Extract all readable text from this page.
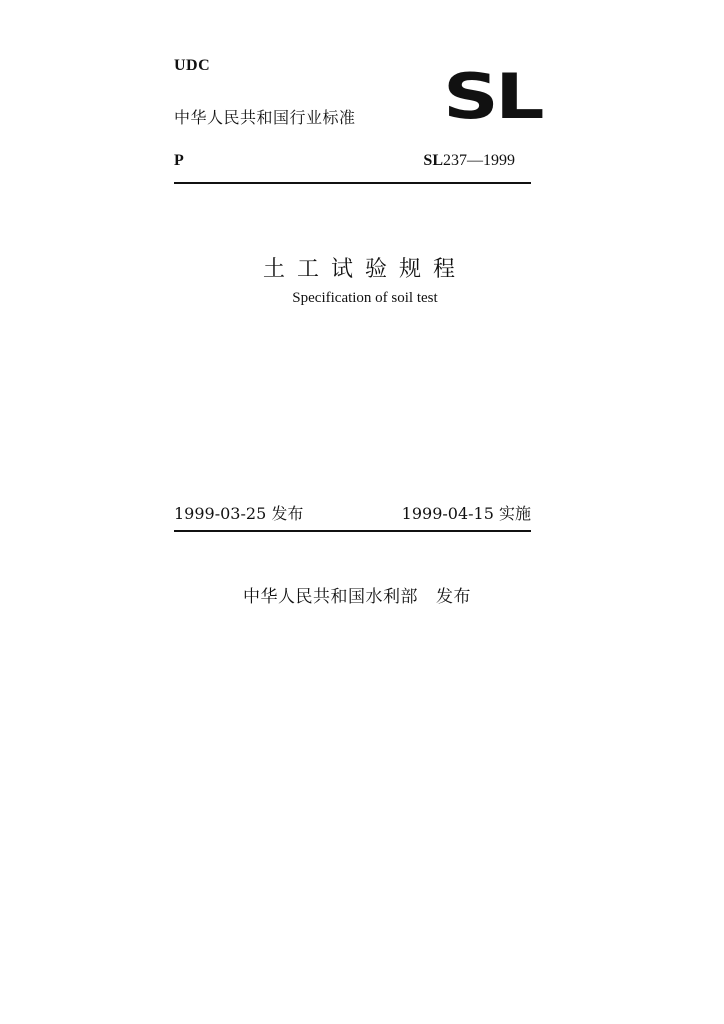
UDC
中华人民共和国行业标准 SL
P	SL237—1999
土工试验规程
Specification of soil test
1999-03-25 发布	1999-04-15 实施
中华人民共和国水利部 发布
